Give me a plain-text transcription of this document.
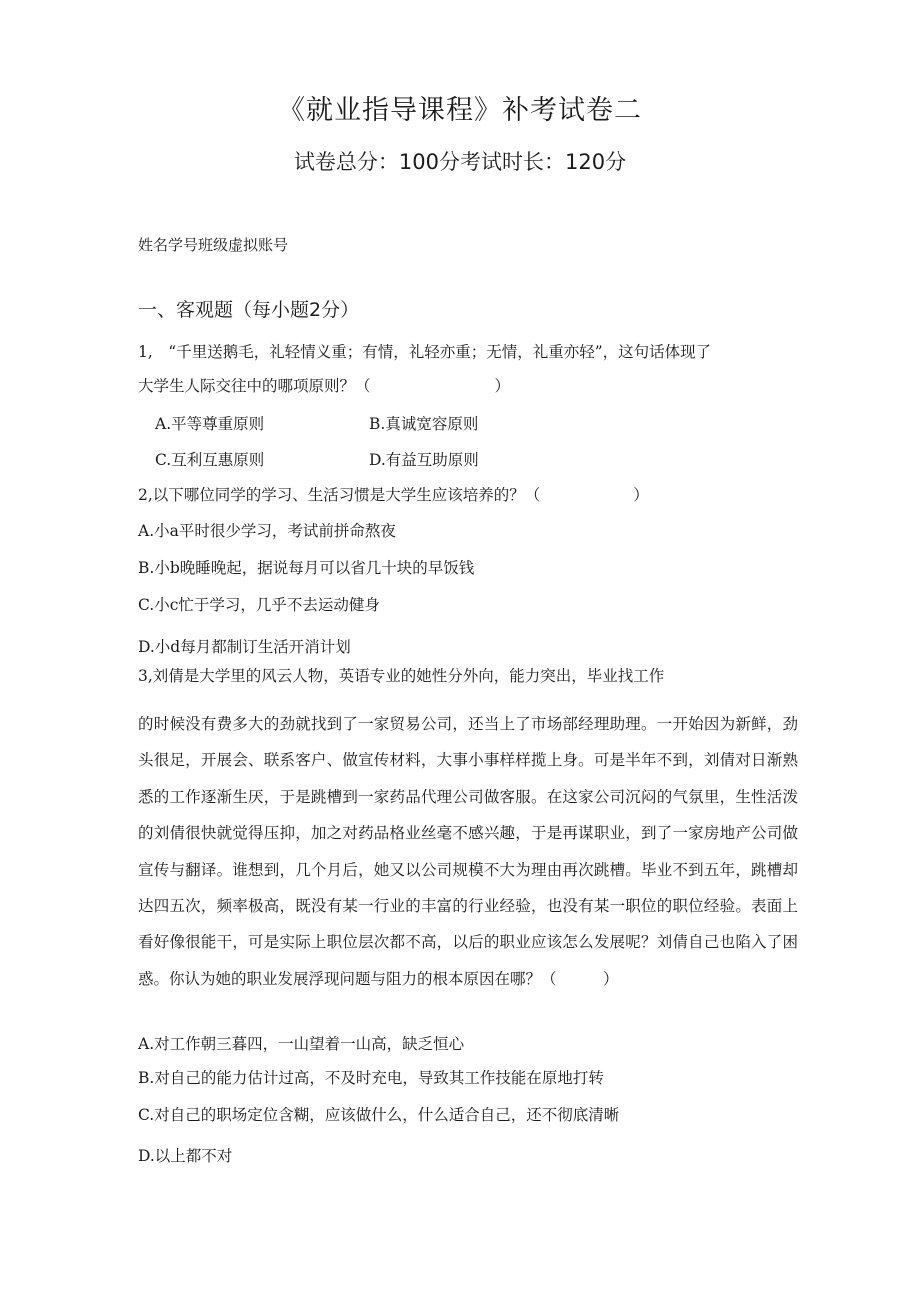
《就业指导课程》补考试卷二
试卷总分：100分考试时长：120分
姓名学号班级虚拟账号
一、客观题（每小题2分）
1,　“千里送鹅毛，礼轻情义重；有情，礼轻亦重；无情，礼重亦轻”，这句话体现了
大学生人际交往中的哪项原则？（　　　　　　　　）
A.平等尊重原则	B.真诚宽容原则
C.互利互惠原则	D.有益互助原则
2,以下哪位同学的学习、生活习惯是大学生应该培养的？（　　　　　　）
A.小a平时很少学习，考试前拼命熬夜
B.小b晚睡晚起，据说每月可以省几十块的早饭钱
C.小c忙于学习，几乎不去运动健身
D.小d每月都制订生活开消计划
3,刘倩是大学里的风云人物，英语专业的她性分外向，能力突出，毕业找工作
的时候没有费多大的劲就找到了一家贸易公司，还当上了市场部经理助理。一开始因为新鲜，劲头很足，开展会、联系客户、做宣传材料，大事小事样样揽上身。可是半年不到，刘倩对日渐熟悉的工作逐渐生厌，于是跳槽到一家药品代理公司做客服。在这家公司沉闷的气氛里，生性活泼的刘倩很快就觉得压抑，加之对药品格业丝毫不感兴趣，于是再谋职业，到了一家房地产公司做宣传与翻译。谁想到，几个月后，她又以公司规模不大为理由再次跳槽。毕业不到五年，跳槽却达四五次，频率极高，既没有某一行业的丰富的行业经验，也没有某一职位的职位经验。表面上看好像很能干，可是实际上职位层次都不高，以后的职业应该怎么发展呢？刘倩自己也陷入了困惑。你认为她的职业发展浮现问题与阻力的根本原因在哪？（　　　）
A.对工作朝三暮四，一山望着一山高，缺乏恒心
B.对自己的能力估计过高，不及时充电，导致其工作技能在原地打转
C.对自己的职场定位含糊，应该做什么，什么适合自己，还不彻底清晰
D.以上都不对
